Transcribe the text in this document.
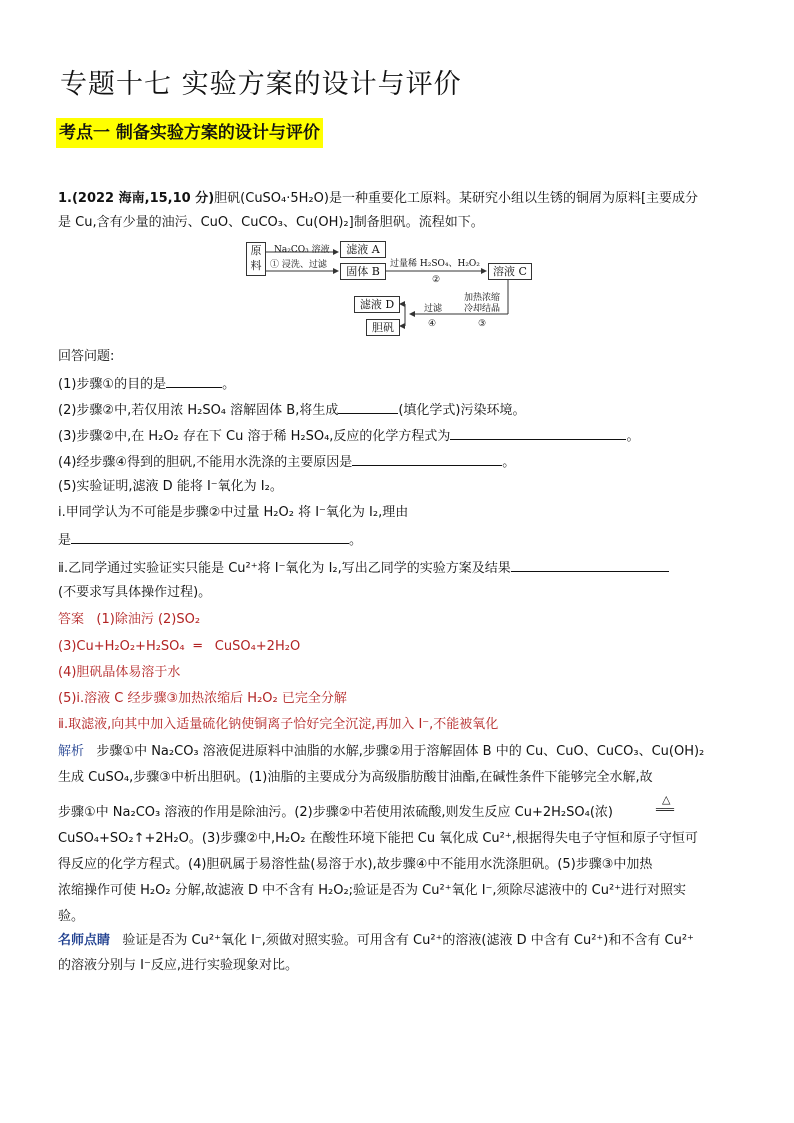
专题十七 实验方案的设计与评价
考点一 制备实验方案的设计与评价
1.(2022 海南,15,10 分)胆矾(CuSO₄·5H₂O)是一种重要化工原料。某研究小组以生锈的铜屑为原料[主要成分
是 Cu,含有少量的油污、CuO、CuCO₃、Cu(OH)₂]制备胆矾。流程如下。
原
料
Na₂CO₃ 溶液
① 浸洗、过滤
滤液 A
固体 B
过量稀 H₂SO₄、H₂O₂
②
溶液 C
加热浓缩
冷却结晶
③
过滤
④
滤液 D
胆矾
回答问题:
(1)步骤①的目的是	。
(2)步骤②中,若仅用浓 H₂SO₄ 溶解固体 B,将生成	(填化学式)污染环境。
(3)步骤②中,在 H₂O₂ 存在下 Cu 溶于稀 H₂SO₄,反应的化学方程式为	。
(4)经步骤④得到的胆矾,不能用水洗涤的主要原因是	。
(5)实验证明,滤液 D 能将 I⁻氧化为 I₂。
ⅰ.甲同学认为不可能是步骤②中过量 H₂O₂ 将 I⁻氧化为 I₂,理由
是	。
ⅱ.乙同学通过实验证实只能是 Cu²⁺将 I⁻氧化为 I₂,写出乙同学的实验方案及结果
(不要求写具体操作过程)。
答案 (1)除油污 (2)SO₂
(3)Cu+H₂O₂+H₂SO₄ ═ CuSO₄+2H₂O
(4)胆矾晶体易溶于水
(5)ⅰ.溶液 C 经步骤③加热浓缩后 H₂O₂ 已完全分解
ⅱ.取滤液,向其中加入适量硫化钠使铜离子恰好完全沉淀,再加入 I⁻,不能被氧化
解析 步骤①中 Na₂CO₃ 溶液促进原料中油脂的水解,步骤②用于溶解固体 B 中的 Cu、CuO、CuCO₃、Cu(OH)₂
生成 CuSO₄,步骤③中析出胆矾。(1)油脂的主要成分为高级脂肪酸甘油酯,在碱性条件下能够完全水解,故
步骤①中 Na₂CO₃ 溶液的作用是除油污。(2)步骤②中若使用浓硫酸,则发生反应 Cu+2H₂SO₄(浓)
△
═══
CuSO₄+SO₂↑+2H₂O。(3)步骤②中,H₂O₂ 在酸性环境下能把 Cu 氧化成 Cu²⁺,根据得失电子守恒和原子守恒可
得反应的化学方程式。(4)胆矾属于易溶性盐(易溶于水),故步骤④中不能用水洗涤胆矾。(5)步骤③中加热
浓缩操作可使 H₂O₂ 分解,故滤液 D 中不含有 H₂O₂;验证是否为 Cu²⁺氧化 I⁻,须除尽滤液中的 Cu²⁺进行对照实
验。
名师点睛 验证是否为 Cu²⁺氧化 I⁻,须做对照实验。可用含有 Cu²⁺的溶液(滤液 D 中含有 Cu²⁺)和不含有 Cu²⁺
的溶液分别与 I⁻反应,进行实验现象对比。
